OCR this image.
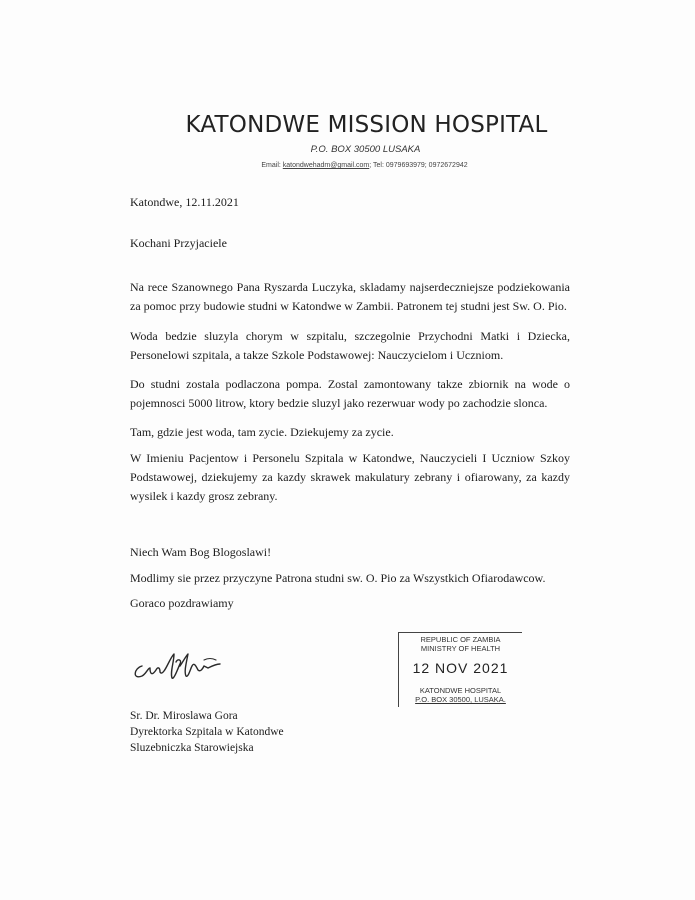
KATONDWE MISSION HOSPITAL
P.O. BOX 30500 LUSAKA
Email: katondwehadm@gmail.com; Tel: 0979693979; 0972672942
Katondwe, 12.11.2021
Kochani Przyjaciele
Na rece Szanownego Pana Ryszarda Luczyka, skladamy najserdeczniejsze podziekowania za pomoc przy budowie studni w Katondwe w Zambii. Patronem tej studni jest Sw. O. Pio.
Woda bedzie sluzyla chorym w szpitalu, szczegolnie Przychodni Matki i Dziecka, Personelowi szpitala, a takze Szkole Podstawowej: Nauczycielom i Uczniom.
Do studni zostala podlaczona pompa. Zostal zamontowany takze zbiornik na wode o pojemnosci 5000 litrow, ktory bedzie sluzyl jako rezerwuar wody po zachodzie slonca.
Tam, gdzie jest woda, tam zycie. Dziekujemy za zycie.
W Imieniu Pacjentow i Personelu Szpitala w Katondwe, Nauczycieli I Uczniow Szkoy Podstawowej, dziekujemy za kazdy skrawek makulatury zebrany i ofiarowany, za kazdy wysilek i kazdy grosz zebrany.
Niech Wam Bog Blogoslawi!
Modlimy sie przez przyczyne Patrona studni sw. O. Pio za Wszystkich Ofiarodawcow.
Goraco pozdrawiamy
Sr. Dr. Miroslawa Gora
Dyrektorka Szpitala w Katondwe
Sluzebniczka Starowiejska
REPUBLIC OF ZAMBIA
MINISTRY OF HEALTH
12 NOV 2021
KATONDWE HOSPITAL
P.O. BOX 30500, LUSAKA.
